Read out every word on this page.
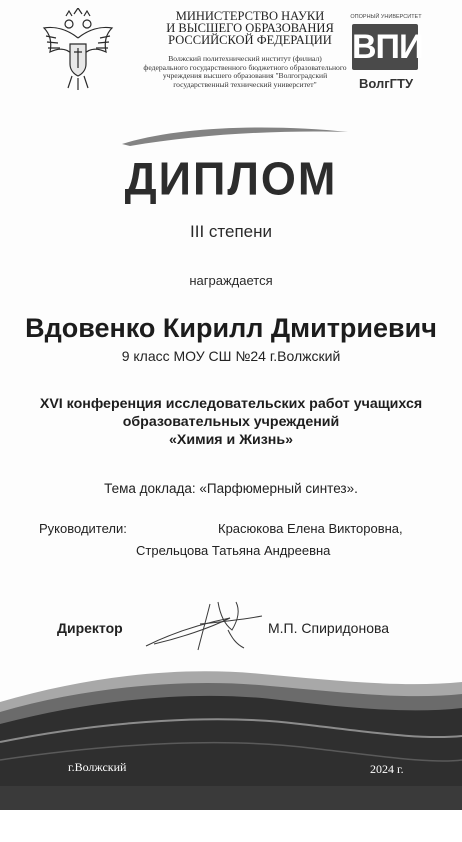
МИНИСТЕРСТВО НАУКИ
И ВЫСШЕГО ОБРАЗОВАНИЯ
РОССИЙСКОЙ ФЕДЕРАЦИИ
Волжский политехнический институт (филиал)
федерального государственного бюджетного образовательного
учреждения высшего образования "Волгоградский
государственный технический университет"
ОПОРНЫЙ УНИВЕРСИТЕТ
ВПИ
ВолгГТУ
ДИПЛОМ
III степени
награждается
Вдовенко Кирилл Дмитриевич
9 класс МОУ СШ №24 г.Волжский
XVI конференция исследовательских работ учащихся
образовательных учреждений
«Химия и Жизнь»
Тема доклада: «Парфюмерный синтез».
Руководители:	Красюкова Елена Викторовна,
Стрельцова Татьяна Андреевна
Директор	М.П. Спиридонова
г.Волжский	2024 г.
